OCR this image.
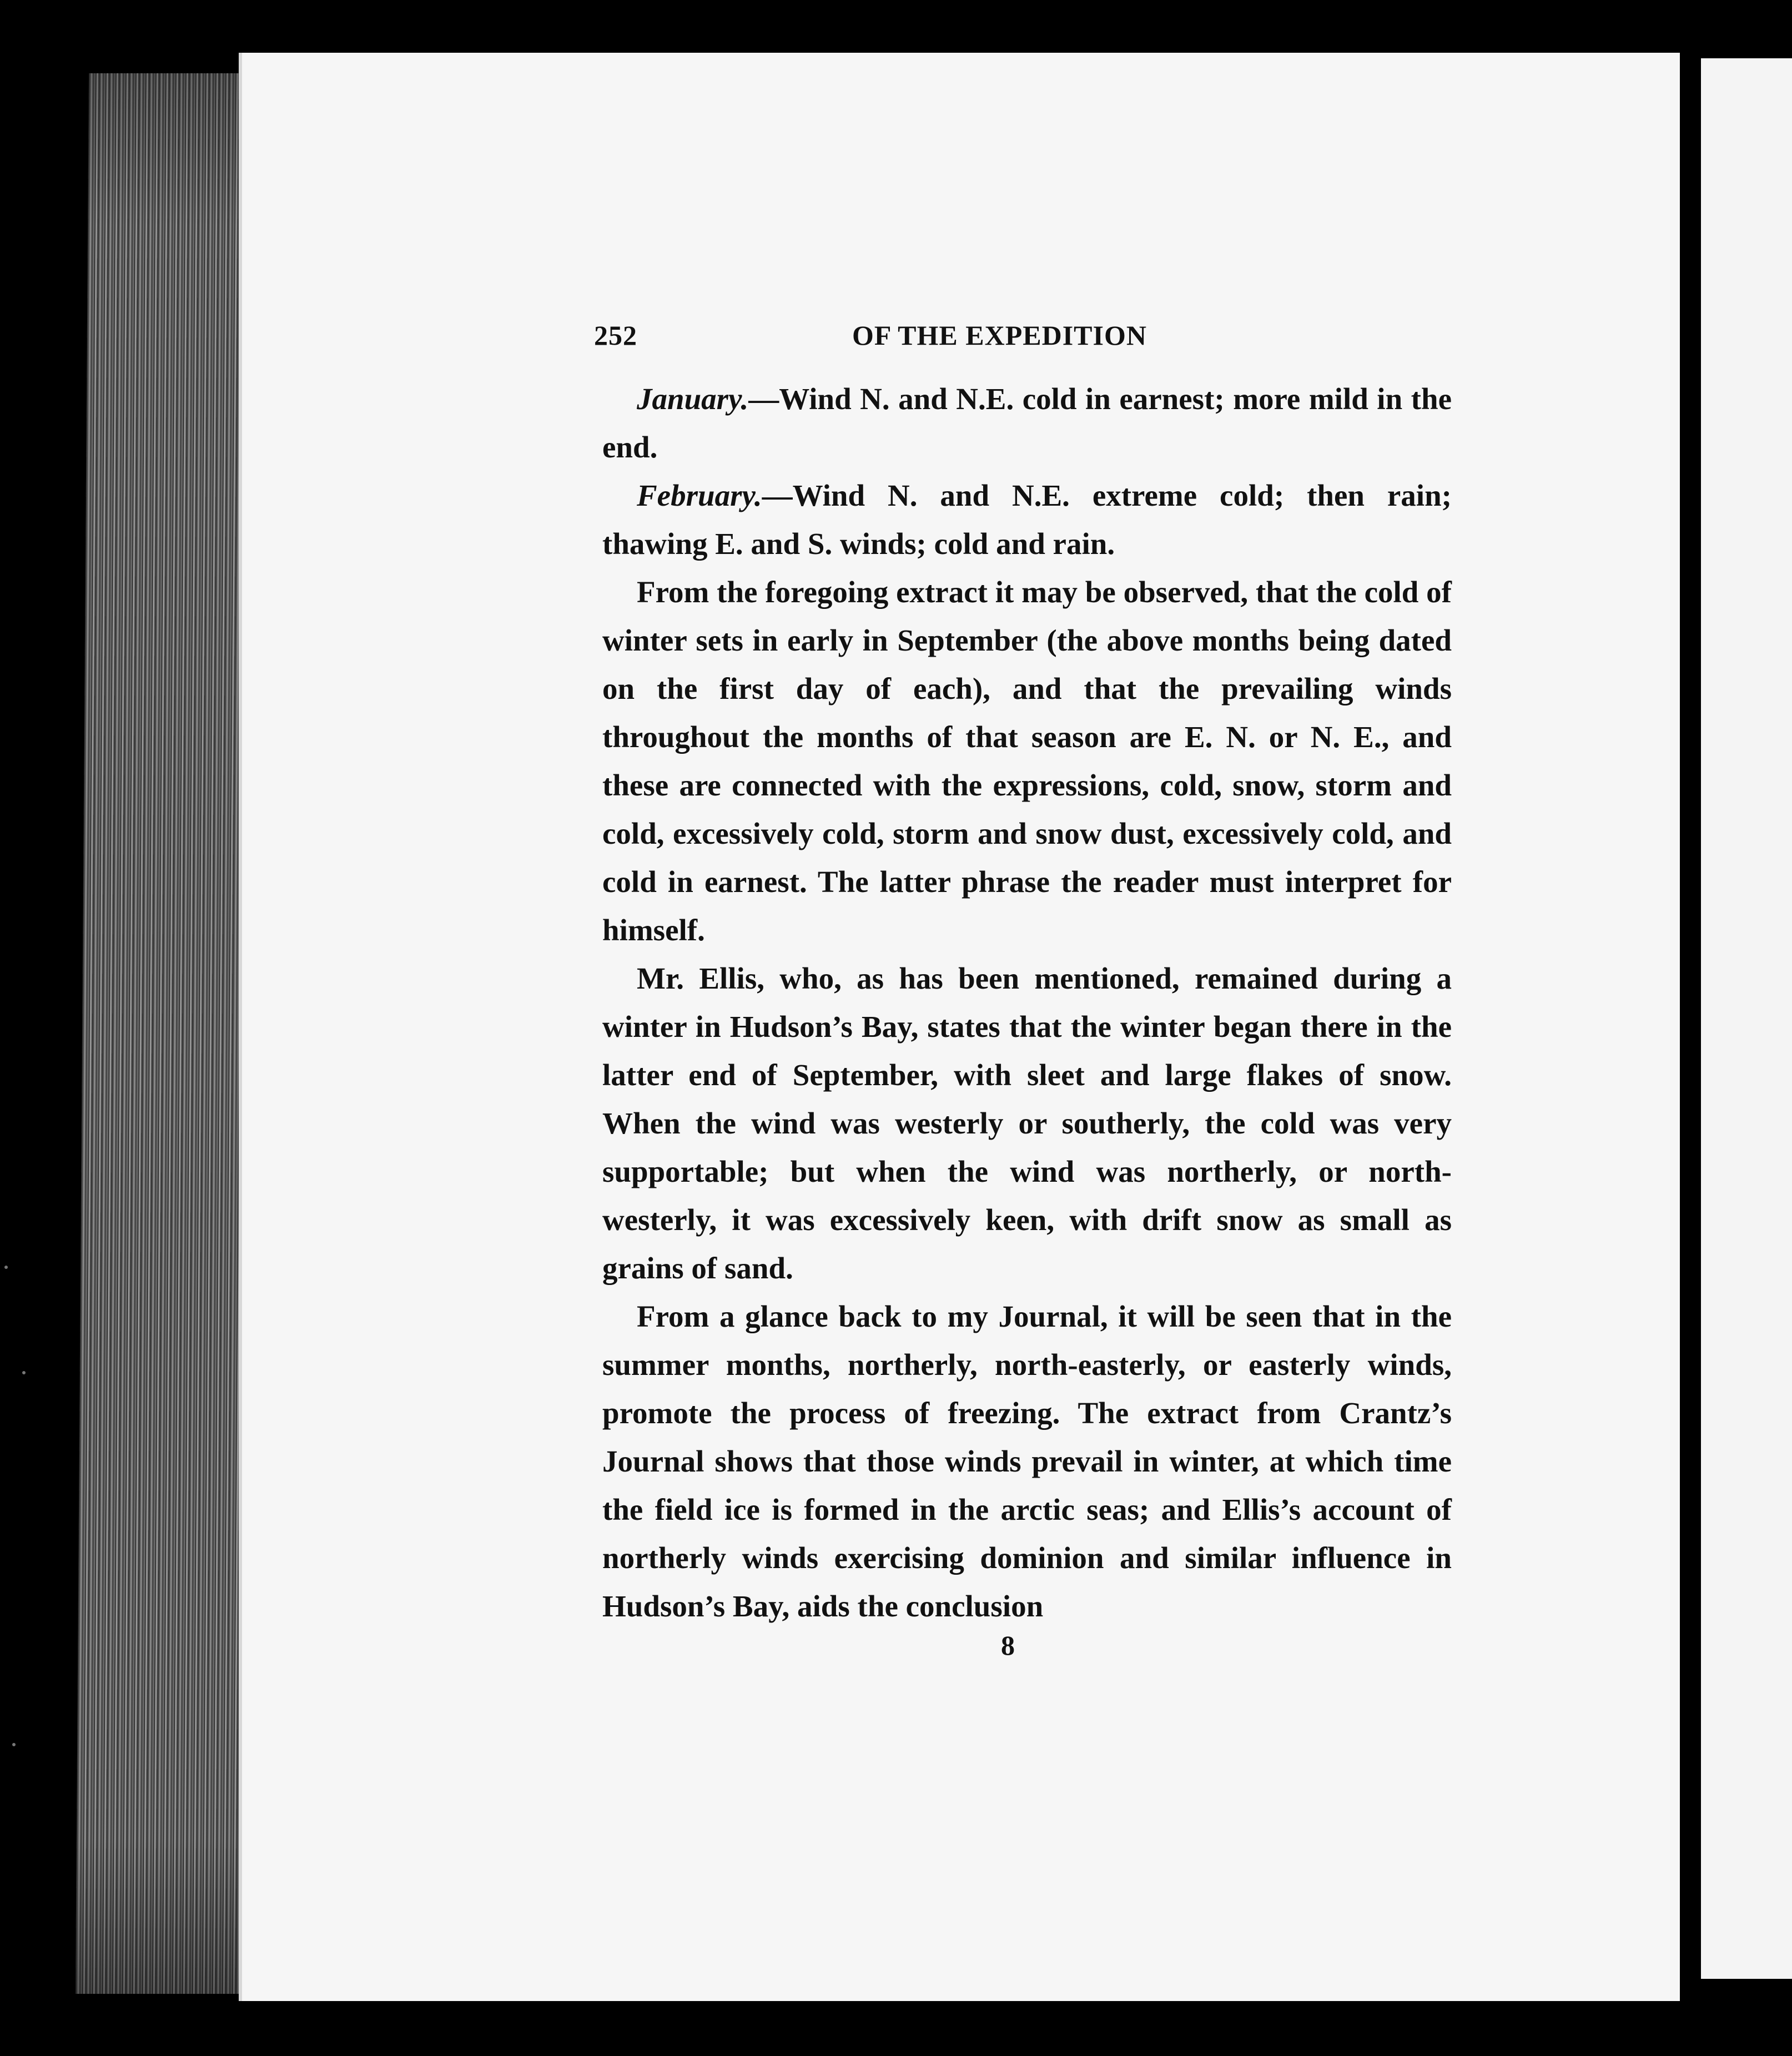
252	OF THE EXPEDITION

January.—Wind N. and N.E. cold in earnest; more mild in the end.

February.—Wind N. and N.E. extreme cold; then rain; thawing E. and S. winds; cold and rain.

From the foregoing extract it may be observed, that the cold of winter sets in early in September (the above months being dated on the first day of each), and that the prevailing winds throughout the months of that season are E. N. or N. E., and these are connected with the expressions, cold, snow, storm and cold, excessively cold, storm and snow dust, excessively cold, and cold in earnest. The latter phrase the reader must interpret for himself.

Mr. Ellis, who, as has been mentioned, remained during a winter in Hudson’s Bay, states that the winter began there in the latter end of September, with sleet and large flakes of snow. When the wind was westerly or southerly, the cold was very supportable; but when the wind was northerly, or north-westerly, it was excessively keen, with drift snow as small as grains of sand.

From a glance back to my Journal, it will be seen that in the summer months, northerly, north-easterly, or easterly winds, promote the process of freezing. The extract from Crantz’s Journal shows that those winds prevail in winter, at which time the field ice is formed in the arctic seas; and Ellis’s account of northerly winds exercising dominion and similar influence in Hudson’s Bay, aids the conclusion

8
